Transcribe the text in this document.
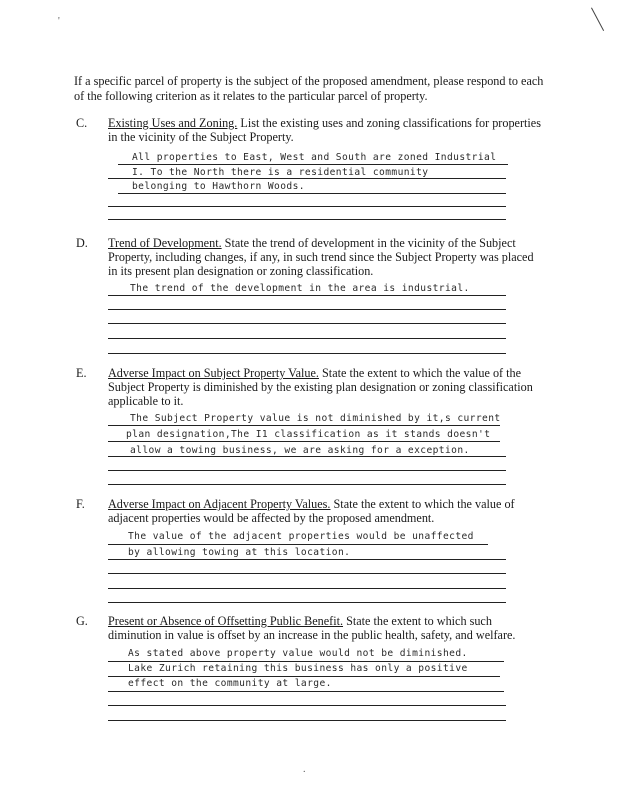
'
.
If a specific parcel of property is the subject of the proposed amendment, please respond to each of the following criterion as it relates to the particular parcel of property.
C. Existing Uses and Zoning. List the existing uses and zoning classifications for properties in the vicinity of the Subject Property.
All properties to East, West and South are zoned Industrial
I. To the North there is a residential community
belonging to Hawthorn Woods.
D. Trend of Development. State the trend of development in the vicinity of the Subject Property, including changes, if any, in such trend since the Subject Property was placed in its present plan designation or zoning classification.
The trend of the development in the area is industrial.
E. Adverse Impact on Subject Property Value. State the extent to which the value of the Subject Property is diminished by the existing plan designation or zoning classification applicable to it.
The Subject Property value is not diminished by it,s current
plan designation,The I1 classification as it stands doesn't
allow a towing business, we are asking for a exception.
F. Adverse Impact on Adjacent Property Values. State the extent to which the value of adjacent properties would be affected by the proposed amendment.
The value of the adjacent properties would be unaffected
by allowing towing at this location.
G. Present or Absence of Offsetting Public Benefit. State the extent to which such diminution in value is offset by an increase in the public health, safety, and welfare.
As stated above property value would not be diminished.
Lake Zurich retaining this business has only a positive
effect on the community at large.
